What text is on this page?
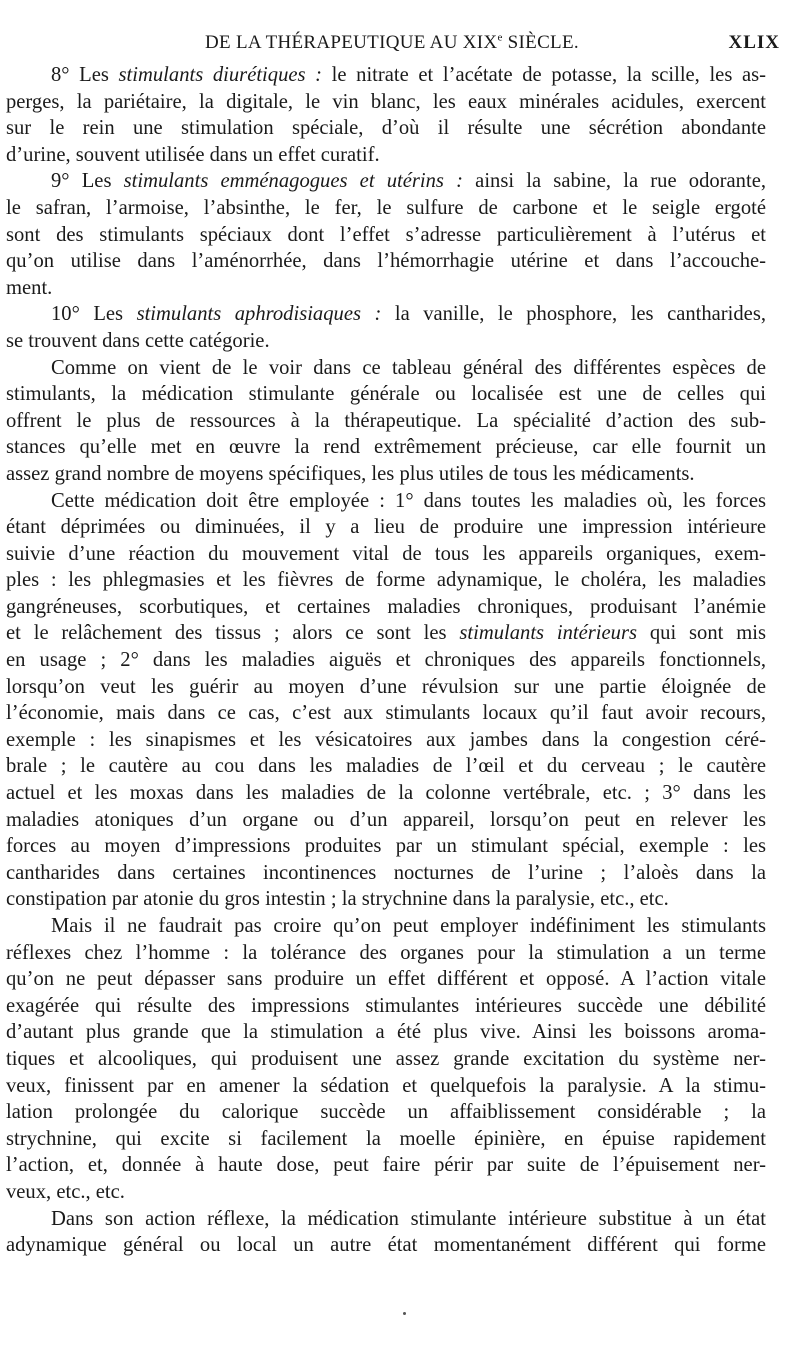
DE LA THÉRAPEUTIQUE AU XIXe SIÈCLE.	XLIX
8° Les stimulants diurétiques : le nitrate et l’acétate de potasse, la scille, les as-
perges, la pariétaire, la digitale, le vin blanc, les eaux minérales acidules, exercent
sur le rein une stimulation spéciale, d’où il résulte une sécrétion abondante
d’urine, souvent utilisée dans un effet curatif.
9° Les stimulants emménagogues et utérins : ainsi la sabine, la rue odorante,
le safran, l’armoise, l’absinthe, le fer, le sulfure de carbone et le seigle ergoté
sont des stimulants spéciaux dont l’effet s’adresse particulièrement à l’utérus et
qu’on utilise dans l’aménorrhée, dans l’hémorrhagie utérine et dans l’accouche-
ment.
10° Les stimulants aphrodisiaques : la vanille, le phosphore, les cantharides,
se trouvent dans cette catégorie.
Comme on vient de le voir dans ce tableau général des différentes espèces de
stimulants, la médication stimulante générale ou localisée est une de celles qui
offrent le plus de ressources à la thérapeutique. La spécialité d’action des sub-
stances qu’elle met en œuvre la rend extrêmement précieuse, car elle fournit un
assez grand nombre de moyens spécifiques, les plus utiles de tous les médicaments.
Cette médication doit être employée : 1° dans toutes les maladies où, les forces
étant déprimées ou diminuées, il y a lieu de produire une impression intérieure
suivie d’une réaction du mouvement vital de tous les appareils organiques, exem-
ples : les phlegmasies et les fièvres de forme adynamique, le choléra, les maladies
gangréneuses, scorbutiques, et certaines maladies chroniques, produisant l’anémie
et le relâchement des tissus ; alors ce sont les stimulants intérieurs qui sont mis
en usage ; 2° dans les maladies aiguës et chroniques des appareils fonctionnels,
lorsqu’on veut les guérir au moyen d’une révulsion sur une partie éloignée de
l’économie, mais dans ce cas, c’est aux stimulants locaux qu’il faut avoir recours,
exemple : les sinapismes et les vésicatoires aux jambes dans la congestion céré-
brale ; le cautère au cou dans les maladies de l’œil et du cerveau ; le cautère
actuel et les moxas dans les maladies de la colonne vertébrale, etc. ; 3° dans les
maladies atoniques d’un organe ou d’un appareil, lorsqu’on peut en relever les
forces au moyen d’impressions produites par un stimulant spécial, exemple : les
cantharides dans certaines incontinences nocturnes de l’urine ; l’aloès dans la
constipation par atonie du gros intestin ; la strychnine dans la paralysie, etc., etc.
Mais il ne faudrait pas croire qu’on peut employer indéfiniment les stimulants
réflexes chez l’homme : la tolérance des organes pour la stimulation a un terme
qu’on ne peut dépasser sans produire un effet différent et opposé. A l’action vitale
exagérée qui résulte des impressions stimulantes intérieures succède une débilité
d’autant plus grande que la stimulation a été plus vive. Ainsi les boissons aroma-
tiques et alcooliques, qui produisent une assez grande excitation du système ner-
veux, finissent par en amener la sédation et quelquefois la paralysie. A la stimu-
lation prolongée du calorique succède un affaiblissement considérable ; la
strychnine, qui excite si facilement la moelle épinière, en épuise rapidement
l’action, et, donnée à haute dose, peut faire périr par suite de l’épuisement ner-
veux, etc., etc.
Dans son action réflexe, la médication stimulante intérieure substitue à un état
adynamique général ou local un autre état momentanément différent qui forme
